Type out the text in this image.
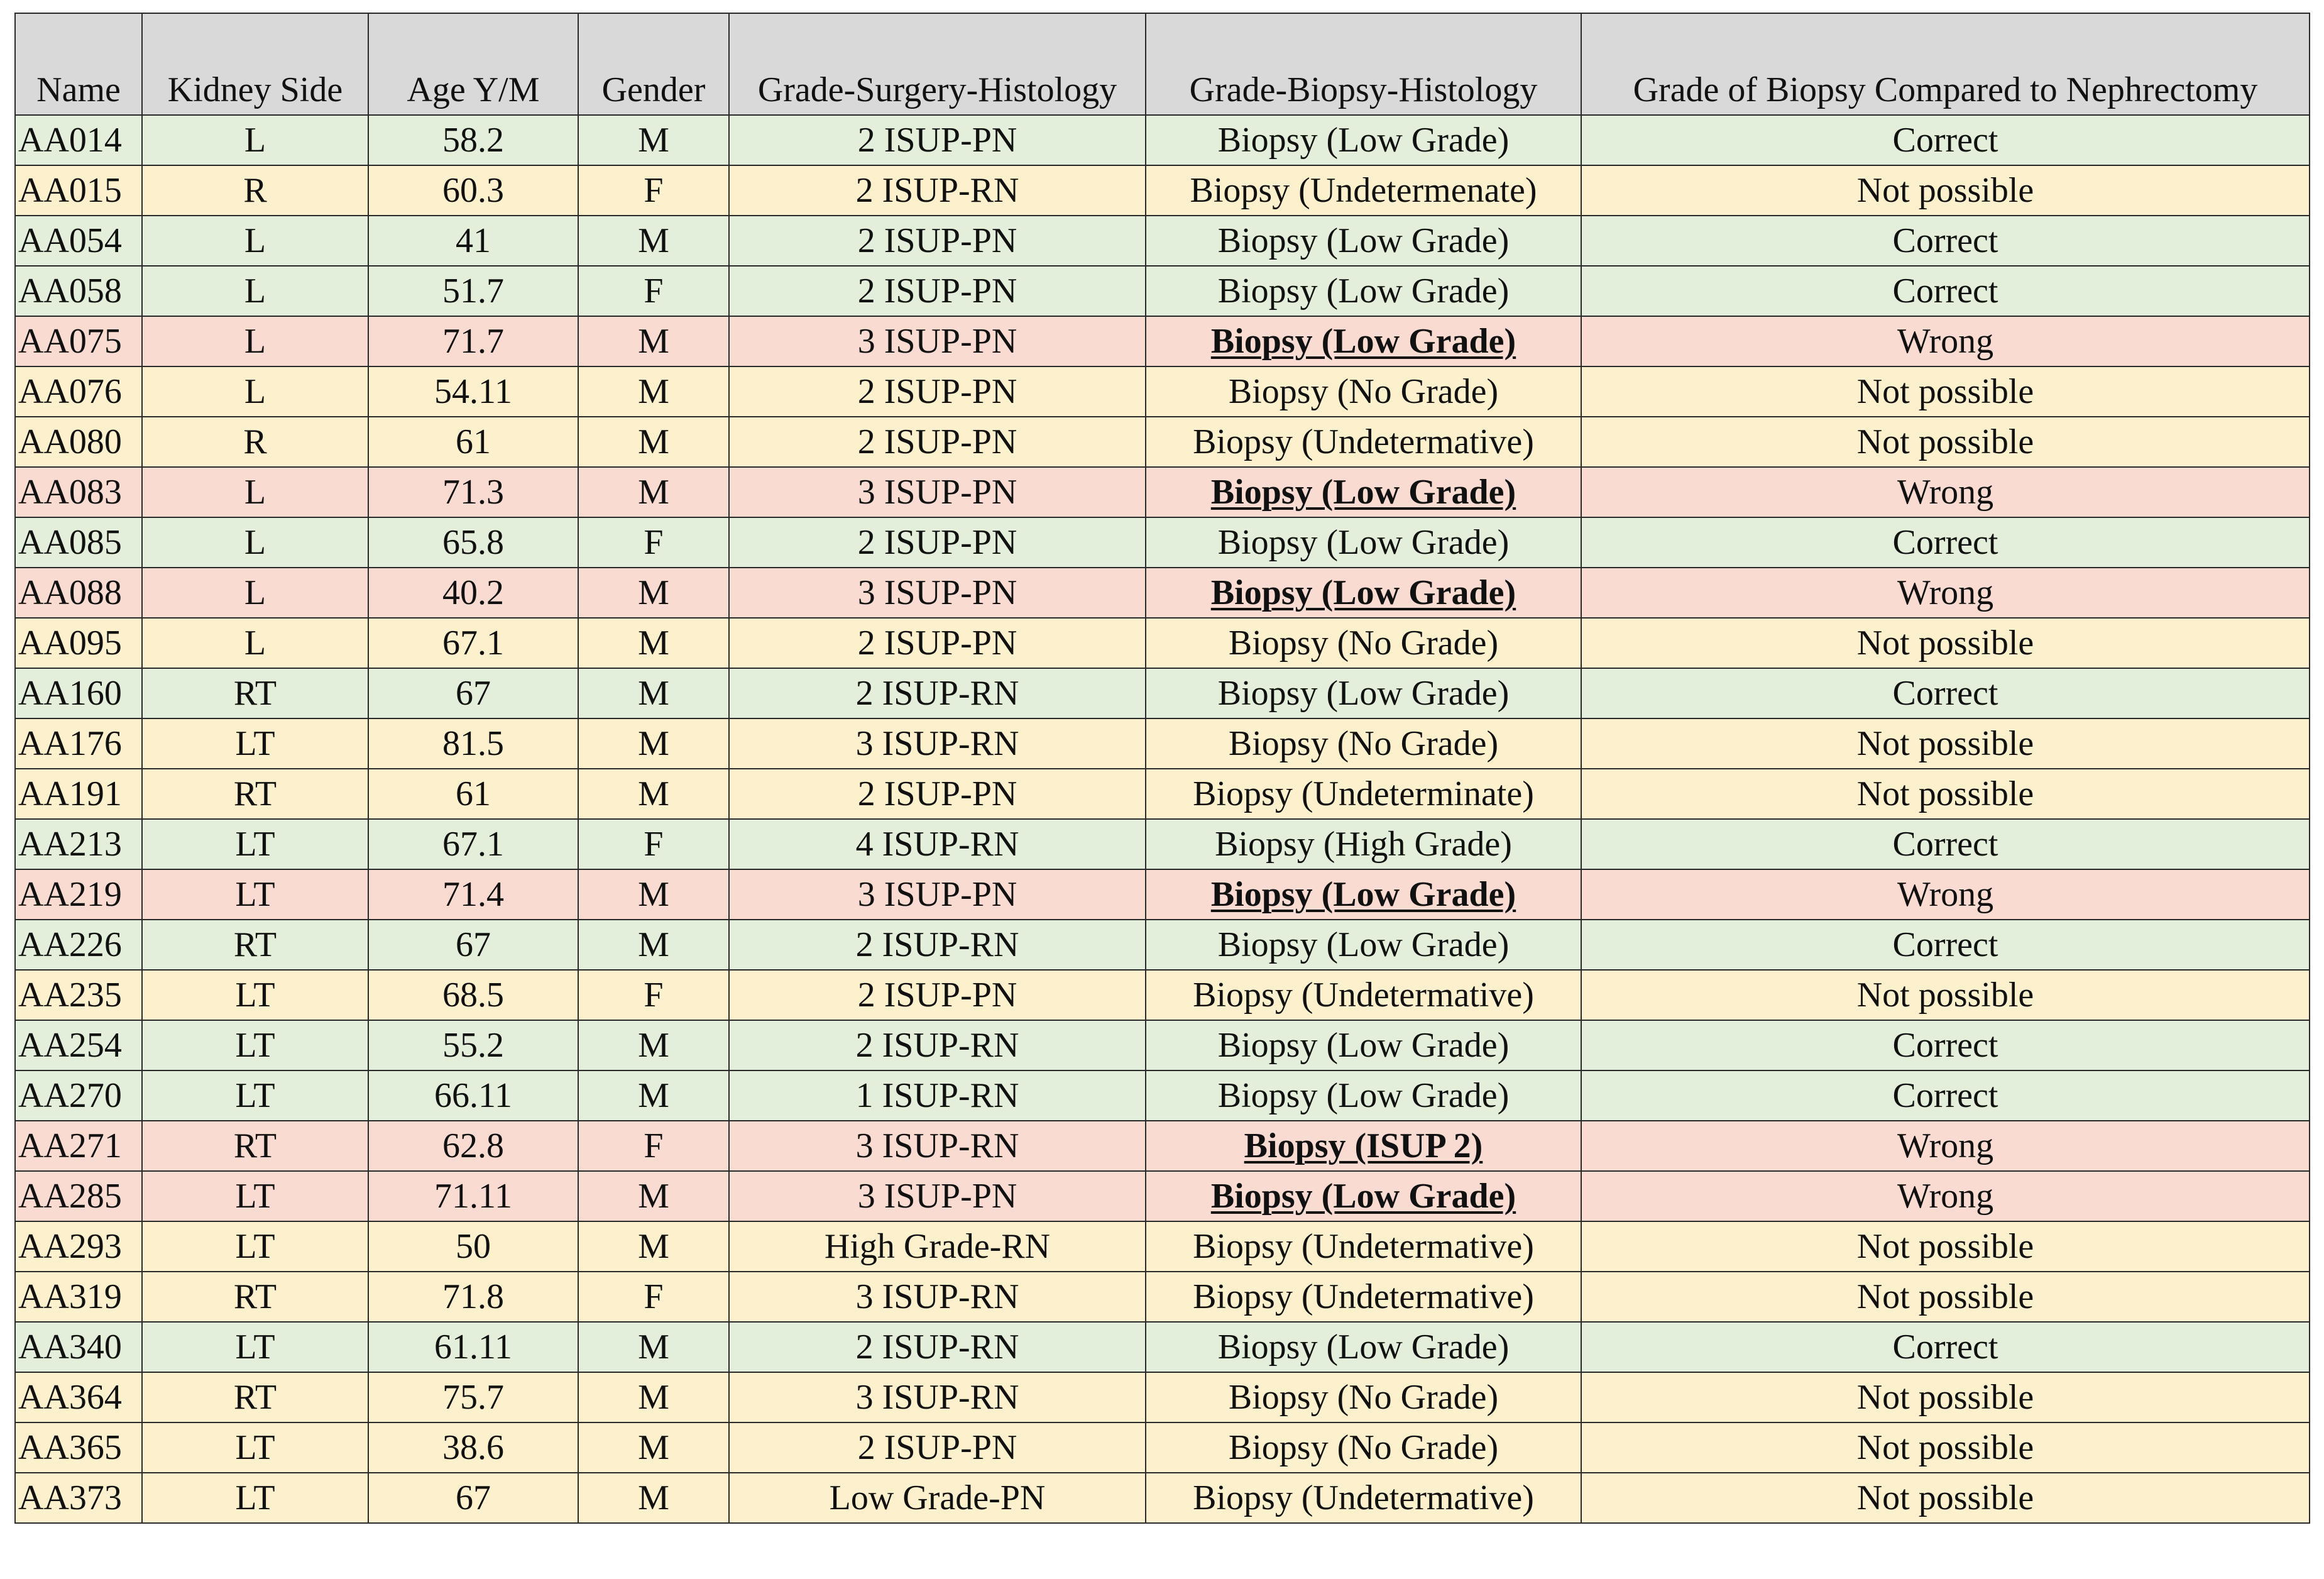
Name	Kidney Side	Age Y/M	Gender	Grade-Surgery-Histology	Grade-Biopsy-Histology	Grade of Biopsy Compared to Nephrectomy
AA014	L	58.2	M	2 ISUP-PN	Biopsy (Low Grade)	Correct
AA015	R	60.3	F	2 ISUP-RN	Biopsy (Undetermenate)	Not possible
AA054	L	41	M	2 ISUP-PN	Biopsy (Low Grade)	Correct
AA058	L	51.7	F	2 ISUP-PN	Biopsy (Low Grade)	Correct
AA075	L	71.7	M	3 ISUP-PN	Biopsy (Low Grade)	Wrong
AA076	L	54.11	M	2 ISUP-PN	Biopsy (No Grade)	Not possible
AA080	R	61	M	2 ISUP-PN	Biopsy (Undetermative)	Not possible
AA083	L	71.3	M	3 ISUP-PN	Biopsy (Low Grade)	Wrong
AA085	L	65.8	F	2 ISUP-PN	Biopsy (Low Grade)	Correct
AA088	L	40.2	M	3 ISUP-PN	Biopsy (Low Grade)	Wrong
AA095	L	67.1	M	2 ISUP-PN	Biopsy (No Grade)	Not possible
AA160	RT	67	M	2 ISUP-RN	Biopsy (Low Grade)	Correct
AA176	LT	81.5	M	3 ISUP-RN	Biopsy (No Grade)	Not possible
AA191	RT	61	M	2 ISUP-PN	Biopsy (Undeterminate)	Not possible
AA213	LT	67.1	F	4 ISUP-RN	Biopsy (High Grade)	Correct
AA219	LT	71.4	M	3 ISUP-PN	Biopsy (Low Grade)	Wrong
AA226	RT	67	M	2 ISUP-RN	Biopsy (Low Grade)	Correct
AA235	LT	68.5	F	2 ISUP-PN	Biopsy (Undetermative)	Not possible
AA254	LT	55.2	M	2 ISUP-RN	Biopsy (Low Grade)	Correct
AA270	LT	66.11	M	1 ISUP-RN	Biopsy (Low Grade)	Correct
AA271	RT	62.8	F	3 ISUP-RN	Biopsy (ISUP 2)	Wrong
AA285	LT	71.11	M	3 ISUP-PN	Biopsy (Low Grade)	Wrong
AA293	LT	50	M	High Grade-RN	Biopsy (Undetermative)	Not possible
AA319	RT	71.8	F	3 ISUP-RN	Biopsy (Undetermative)	Not possible
AA340	LT	61.11	M	2 ISUP-RN	Biopsy (Low Grade)	Correct
AA364	RT	75.7	M	3 ISUP-RN	Biopsy (No Grade)	Not possible
AA365	LT	38.6	M	2 ISUP-PN	Biopsy (No Grade)	Not possible
AA373	LT	67	M	Low Grade-PN	Biopsy (Undetermative)	Not possible
